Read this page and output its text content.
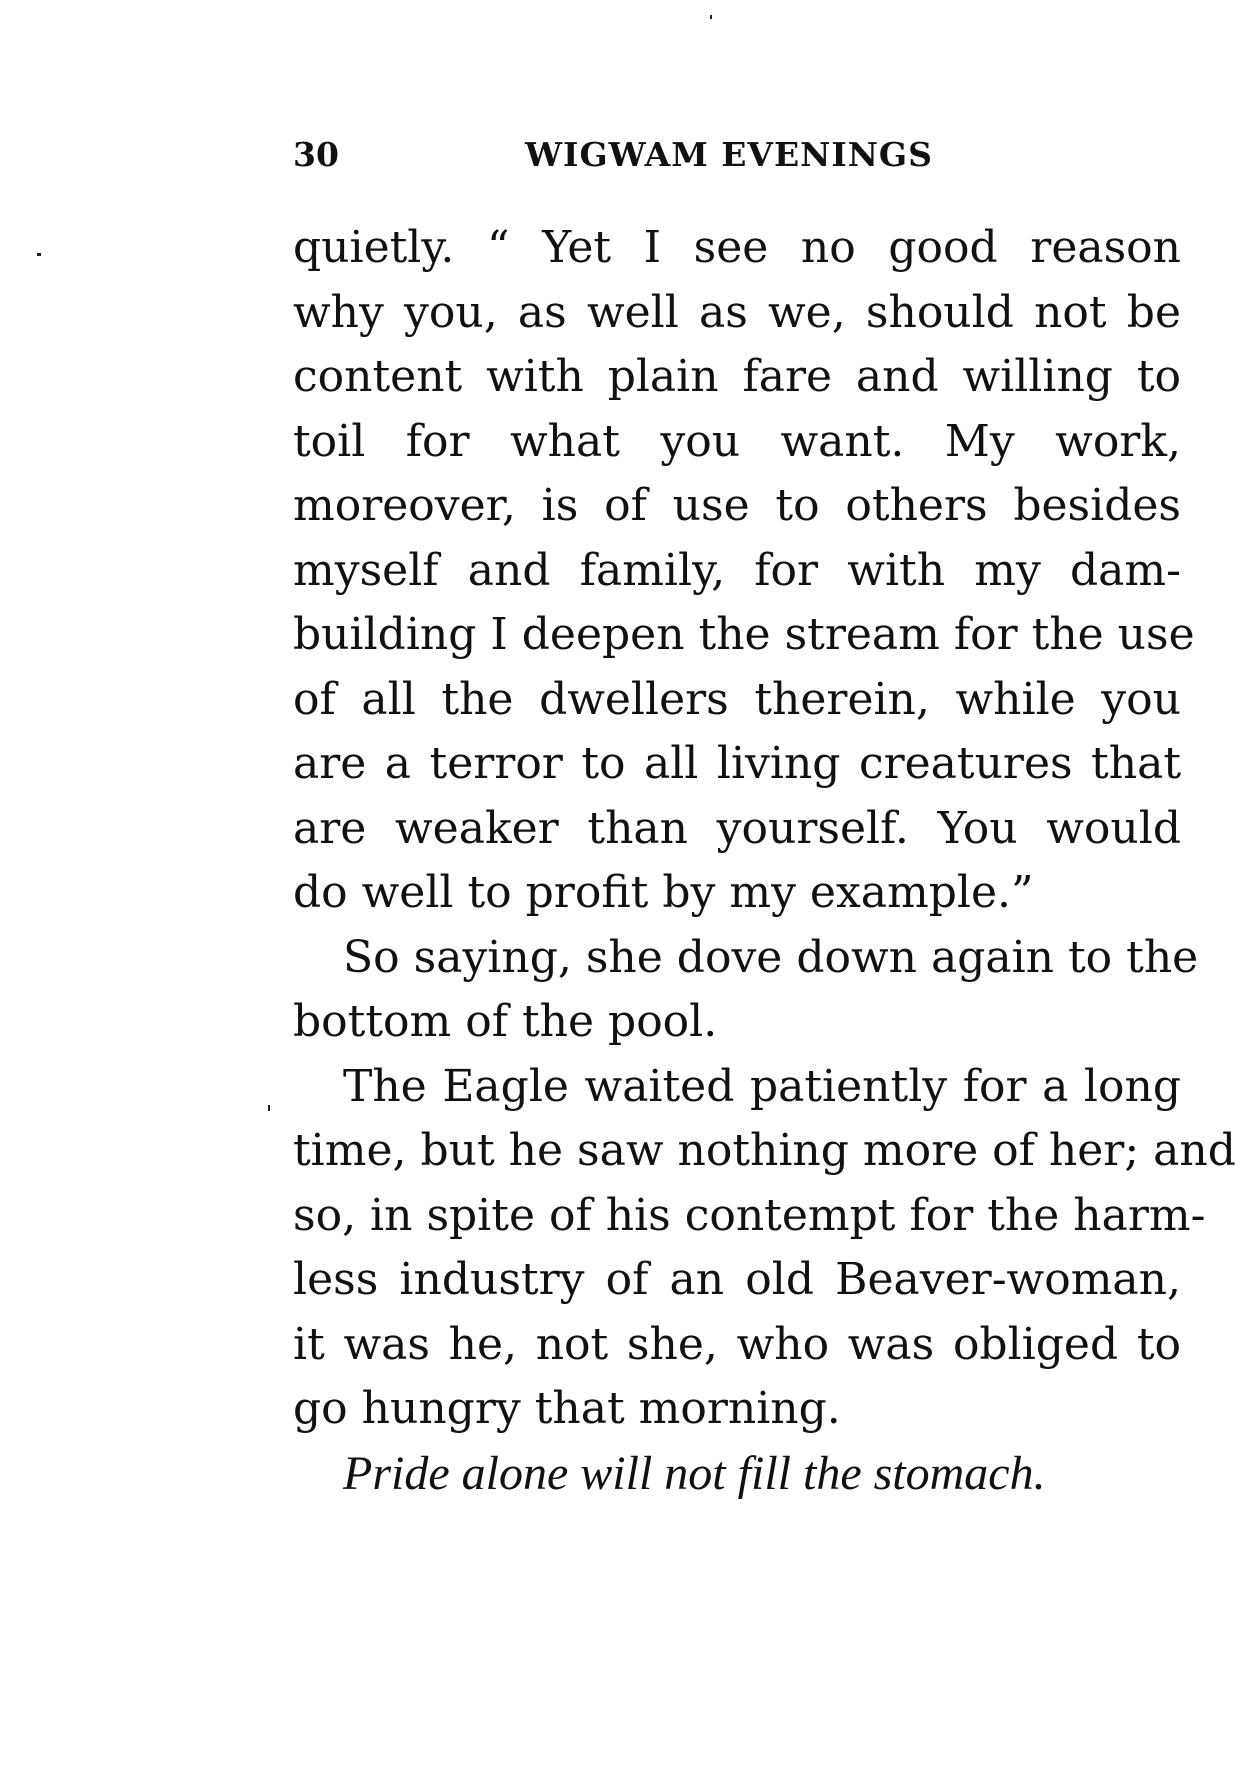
30	WIGWAM EVENINGS
quietly. “ Yet I see no good reason
why you, as well as we, should not be
content with plain fare and willing to
toil for what you want. My work,
moreover, is of use to others besides
myself and family, for with my dam-
building I deepen the stream for the use
of all the dwellers therein, while you
are a terror to all living creatures that
are weaker than yourself. You would
do well to profit by my example.”
So saying, she dove down again to the
bottom of the pool.
The Eagle waited patiently for a long
time, but he saw nothing more of her; and
so, in spite of his contempt for the harm-
less industry of an old Beaver-woman,
it was he, not she, who was obliged to
go hungry that morning.
Pride alone will not fill the stomach.
